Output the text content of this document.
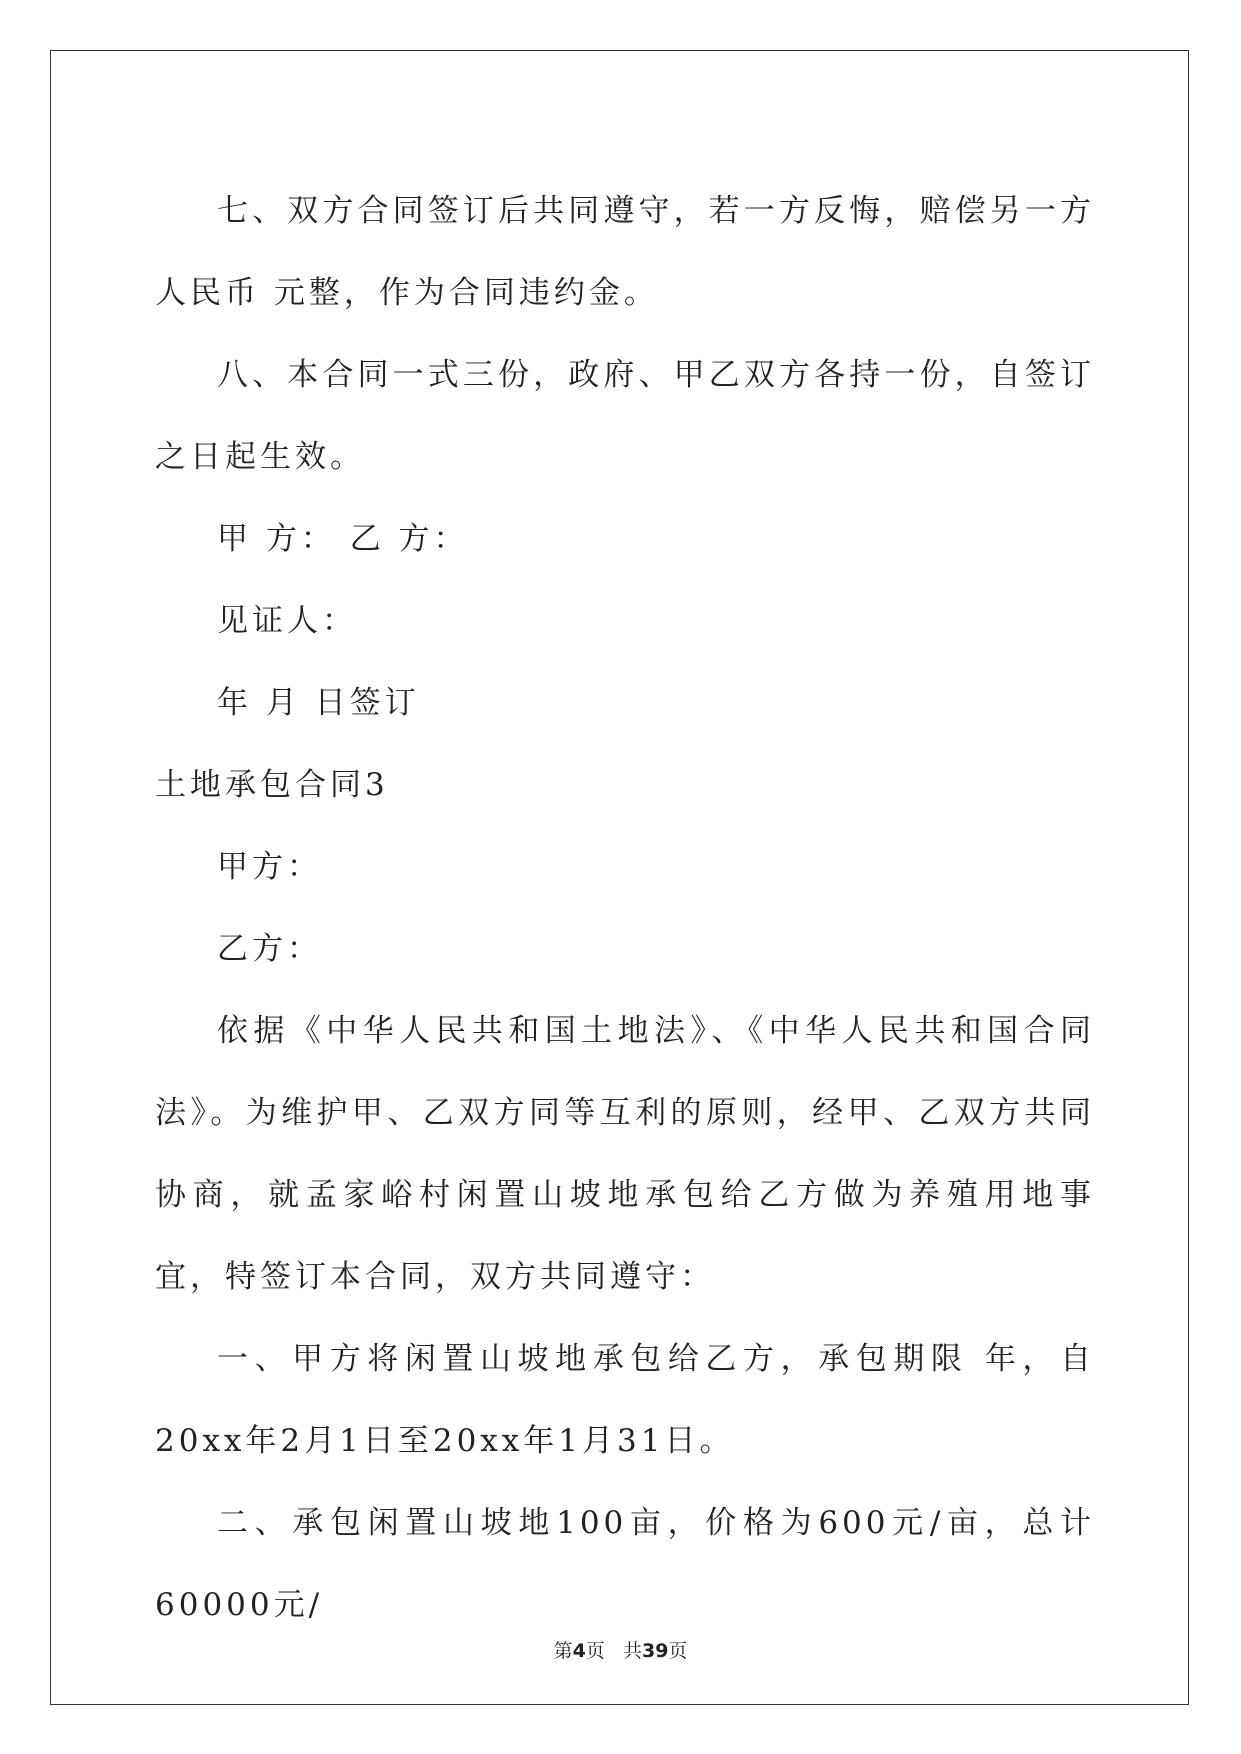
七、双方合同签订后共同遵守，若一方反悔，赔偿另一方人民币 元整，作为合同违约金。

八、本合同一式三份，政府、甲乙双方各持一份，自签订之日起生效。

甲 方： 乙 方：

见证人：

年 月 日签订

土地承包合同3

甲方：

乙方：

依据《中华人民共和国土地法》、《中华人民共和国合同法》。为维护甲、乙双方同等互利的原则，经甲、乙双方共同协商，就孟家峪村闲置山坡地承包给乙方做为养殖用地事宜，特签订本合同，双方共同遵守：

一、甲方将闲置山坡地承包给乙方，承包期限 年，自20xx年2月1日至20xx年1月31日。

二、承包闲置山坡地100亩，价格为600元/亩，总计60000元/

第4页 共39页
